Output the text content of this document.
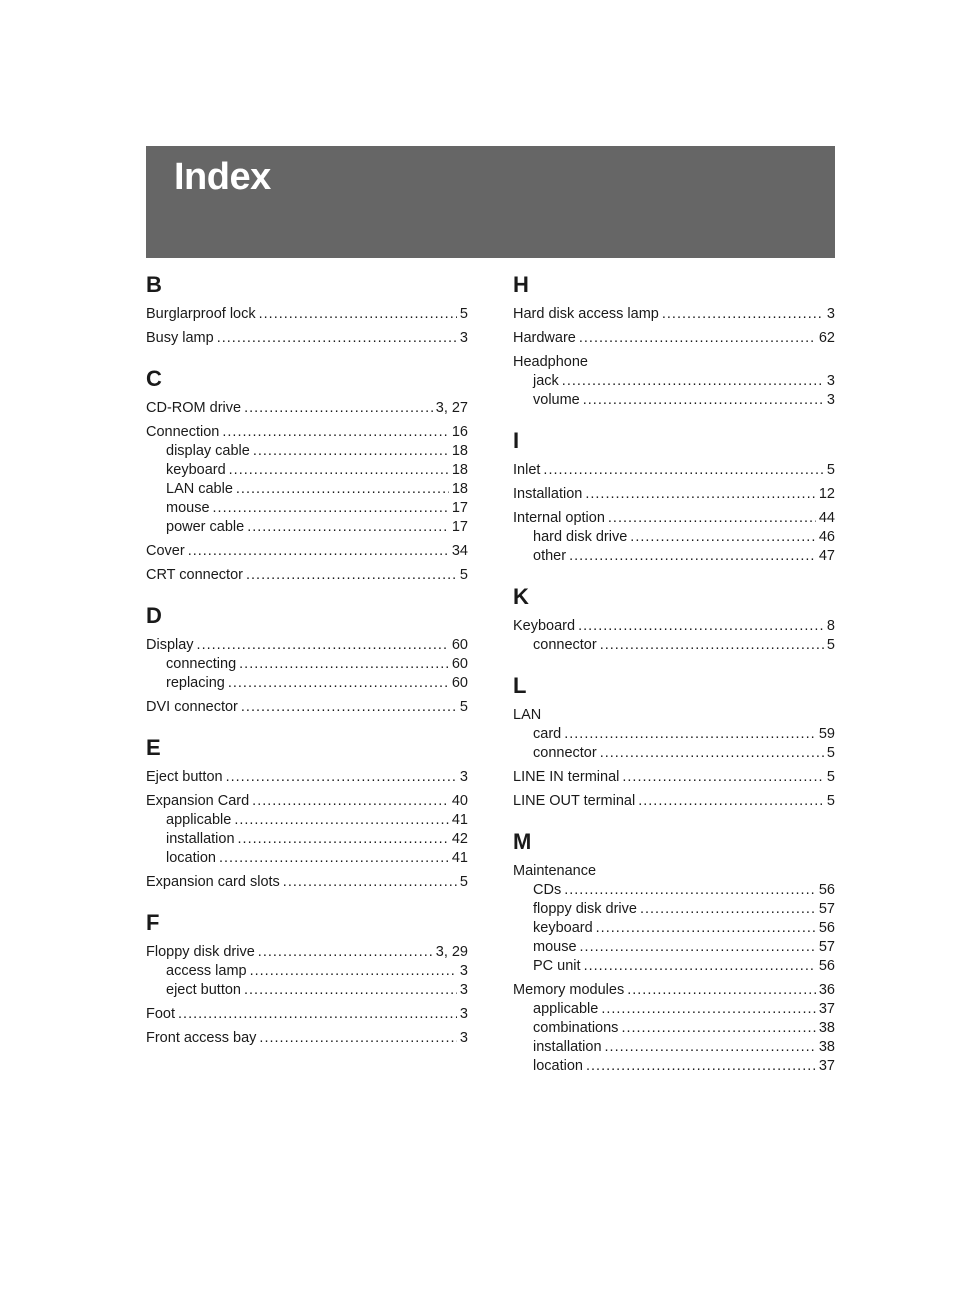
Index
B
Burglarproof lock .....	5
Busy lamp .....	3
C
CD-ROM drive .....	3, 27
Connection .....	16
display cable .....	18
keyboard .....	18
LAN cable .....	18
mouse .....	17
power cable .....	17
Cover .....	34
CRT connector .....	5
D
Display .....	60
connecting .....	60
replacing .....	60
DVI connector .....	5
E
Eject button .....	3
Expansion Card .....	40
applicable .....	41
installation .....	42
location .....	41
Expansion card slots .....	5
F
Floppy disk drive .....	3, 29
access lamp .....	3
eject button .....	3
Foot .....	3
Front access bay .....	3
H
Hard disk access lamp .....	3
Hardware .....	62
Headphone
jack .....	3
volume .....	3
I
Inlet .....	5
Installation .....	12
Internal option .....	44
hard disk drive .....	46
other .....	47
K
Keyboard .....	8
connector .....	5
L
LAN
card .....	59
connector .....	5
LINE IN terminal .....	5
LINE OUT terminal .....	5
M
Maintenance
CDs .....	56
floppy disk drive .....	57
keyboard .....	56
mouse .....	57
PC unit .....	56
Memory modules .....	36
applicable .....	37
combinations .....	38
installation .....	38
location .....	37
